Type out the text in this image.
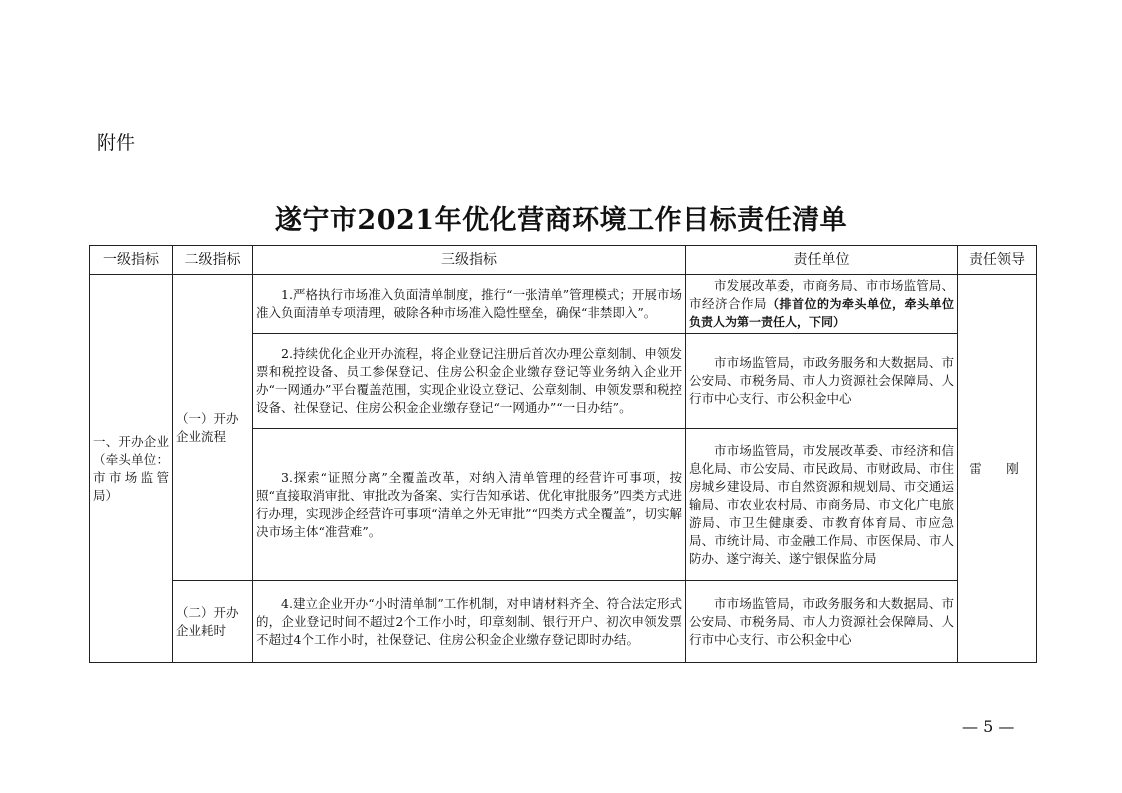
附件
遂宁市2021年优化营商环境工作目标责任清单
一级指标	二级指标	三级指标	责任单位	责任领导
一、开办企业（牵头单位：市市场监管局）	（一）开办企业流程	1.严格执行市场准入负面清单制度，推行“一张清单”管理模式；开展市场准入负面清单专项清理，破除各种市场准入隐性壁垒，确保“非禁即入”。	市发展改革委，市商务局、市市场监管局、市经济合作局（排首位的为牵头单位，牵头单位负责人为第一责任人，下同）	雷　刚
		2.持续优化企业开办流程，将企业登记注册后首次办理公章刻制、申领发票和税控设备、员工参保登记、住房公积金企业缴存登记等业务纳入企业开办“一网通办”平台覆盖范围，实现企业设立登记、公章刻制、申领发票和税控设备、社保登记、住房公积金企业缴存登记“一网通办”“一日办结”。	市市场监管局，市政务服务和大数据局、市公安局、市税务局、市人力资源社会保障局、人行市中心支行、市公积金中心	
		3.探索“证照分离”全覆盖改革，对纳入清单管理的经营许可事项，按照“直接取消审批、审批改为备案、实行告知承诺、优化审批服务”四类方式进行办理，实现涉企经营许可事项“清单之外无审批”“四类方式全覆盖”，切实解决市场主体“准营难”。	市市场监管局，市发展改革委、市经济和信息化局、市公安局、市民政局、市财政局、市住房城乡建设局、市自然资源和规划局、市交通运输局、市农业农村局、市商务局、市文化广电旅游局、市卫生健康委、市教育体育局、市应急局、市统计局、市金融工作局、市医保局、市人防办、遂宁海关、遂宁银保监分局	
	（二）开办企业耗时	4.建立企业开办“小时清单制”工作机制，对申请材料齐全、符合法定形式的，企业登记时间不超过2个工作小时，印章刻制、银行开户、初次申领发票不超过4个工作小时，社保登记、住房公积金企业缴存登记即时办结。	市市场监管局，市政务服务和大数据局、市公安局、市税务局、市人力资源社会保障局、人行市中心支行、市公积金中心	
— 5 —
